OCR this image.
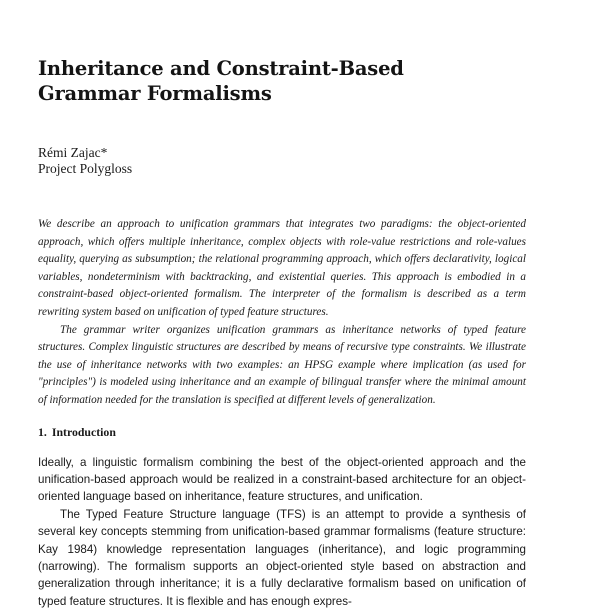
Inheritance and Constraint-Based
Grammar Formalisms
Rémi Zajac*
Project Polygloss

We describe an approach to unification grammars that integrates two paradigms: the object-oriented approach, which offers multiple inheritance, complex objects with role-value restrictions and role-values equality, querying as subsumption; the relational programming approach, which offers declarativity, logical variables, nondeterminism with backtracking, and existential queries. This approach is embodied in a constraint-based object-oriented formalism. The interpreter of the formalism is described as a term rewriting system based on unification of typed feature structures.

The grammar writer organizes unification grammars as inheritance networks of typed feature structures. Complex linguistic structures are described by means of recursive type constraints. We illustrate the use of inheritance networks with two examples: an HPSG example where implication (as used for "principles") is modeled using inheritance and an example of bilingual transfer where the minimal amount of information needed for the translation is specified at different levels of generalization.

1. Introduction

Ideally, a linguistic formalism combining the best of the object-oriented approach and the unification-based approach would be realized in a constraint-based architecture for an object-oriented language based on inheritance, feature structures, and unification.

The Typed Feature Structure language (TFS) is an attempt to provide a synthesis of several key concepts stemming from unification-based grammar formalisms (feature structure: Kay 1984) knowledge representation languages (inheritance), and logic programming (narrowing). The formalism supports an object-oriented style based on abstraction and generalization through inheritance; it is a fully declarative formalism based on unification of typed feature structures. It is flexible and has enough expres-
